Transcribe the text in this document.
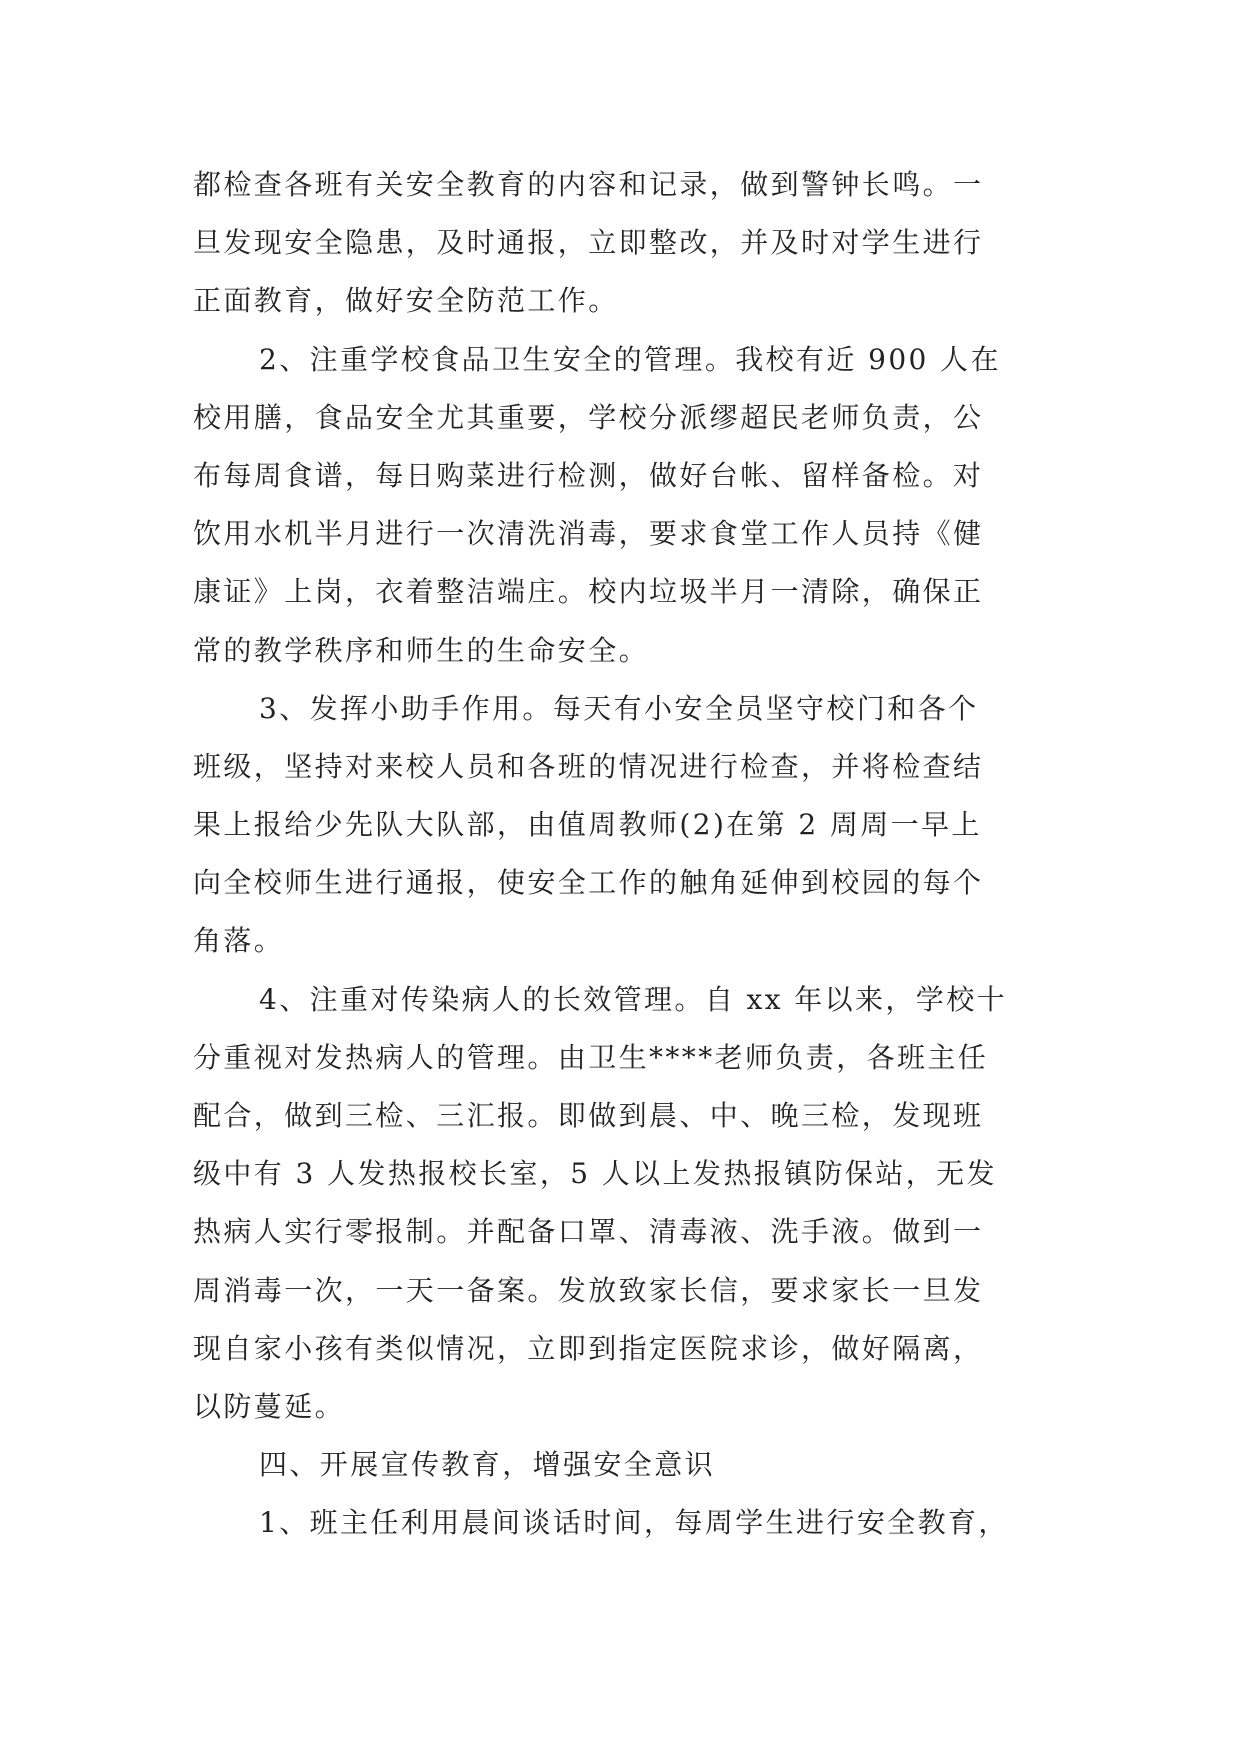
都检查各班有关安全教育的内容和记录，做到警钟长鸣。一
旦发现安全隐患，及时通报，立即整改，并及时对学生进行
正面教育，做好安全防范工作。
2、注重学校食品卫生安全的管理。我校有近 900 人在
校用膳，食品安全尤其重要，学校分派缪超民老师负责，公
布每周食谱，每日购菜进行检测，做好台帐、留样备检。对
饮用水机半月进行一次清洗消毒，要求食堂工作人员持《健
康证》上岗，衣着整洁端庄。校内垃圾半月一清除，确保正
常的教学秩序和师生的生命安全。
3、发挥小助手作用。每天有小安全员坚守校门和各个
班级，坚持对来校人员和各班的情况进行检查，并将检查结
果上报给少先队大队部，由值周教师(2)在第 2 周周一早上
向全校师生进行通报，使安全工作的触角延伸到校园的每个
角落。
4、注重对传染病人的长效管理。自 xx 年以来，学校十
分重视对发热病人的管理。由卫生****老师负责，各班主任
配合，做到三检、三汇报。即做到晨、中、晚三检，发现班
级中有 3 人发热报校长室，5 人以上发热报镇防保站，无发
热病人实行零报制。并配备口罩、清毒液、洗手液。做到一
周消毒一次，一天一备案。发放致家长信，要求家长一旦发
现自家小孩有类似情况，立即到指定医院求诊，做好隔离，
以防蔓延。
四、开展宣传教育，增强安全意识
1、班主任利用晨间谈话时间，每周学生进行安全教育，
